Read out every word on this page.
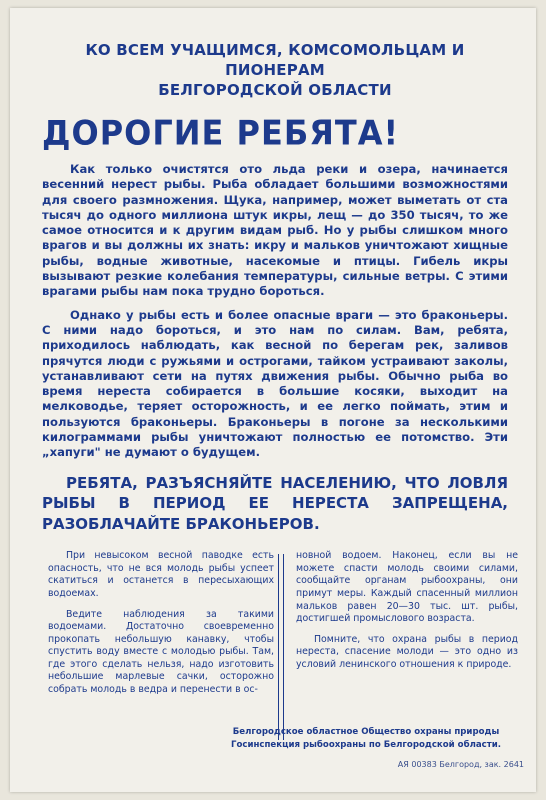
КО ВСЕМ УЧАЩИМСЯ, КОМСОМОЛЬЦАМ И ПИОНЕРАМ
БЕЛГОРОДСКОЙ ОБЛАСТИ
ДОРОГИЕ РЕБЯТА!

Как только очистятся ото льда реки и озера, начинается весенний нерест рыбы. Рыба обладает большими возможностями для своего размножения. Щука, например, может выметать от ста тысяч до одного миллиона штук икры, лещ — до 350 тысяч, то же самое относится и к другим видам рыб. Но у рыбы слишком много врагов и вы должны их знать: икру и мальков уничтожают хищные рыбы, водные животные, насекомые и птицы. Гибель икры вызывают резкие колебания температуры, сильные ветры. С этими врагами рыбы нам пока трудно бороться.

Однако у рыбы есть и более опасные враги — это браконьеры. С ними надо бороться, и это нам по силам. Вам, ребята, приходилось наблюдать, как весной по берегам рек, заливов прячутся люди с ружьями и острогами, тайком устраивают заколы, устанавливают сети на путях движения рыбы. Обычно рыба во время нереста собирается в большие косяки, выходит на мелководье, теряет осторожность, и ее легко поймать, этим и пользуются браконьеры. Браконьеры в погоне за несколькими килограммами рыбы уничтожают полностью ее потомство. Эти „хапуги" не думают о будущем.

РЕБЯТА, РАЗЪЯСНЯЙТЕ НАСЕЛЕНИЮ, ЧТО ЛОВЛЯ РЫБЫ В ПЕРИОД ЕЕ НЕРЕСТА ЗАПРЕЩЕНА, РАЗОБЛАЧАЙТЕ БРАКОНЬЕРОВ.

При невысоком весной паводке есть опасность, что не вся молодь рыбы успеет скатиться и останется в пересыхающих водоемах.

Ведите наблюдения за такими водоемами. Достаточно своевременно прокопать небольшую канавку, чтобы спустить воду вместе с молодью рыбы. Там, где этого сделать нельзя, надо изготовить небольшие марлевые сачки, осторожно собрать молодь в ведра и перенести в ос-

новной водоем. Наконец, если вы не можете спасти молодь своими силами, сообщайте органам рыбоохраны, они примут меры. Каждый спасенный миллион мальков равен 20—30 тыс. шт. рыбы, достигшей промыслового возраста.

Помните, что охрана рыбы в период нереста, спасение молоди — это одно из условий ленинского отношения к природе.

Белгородское областное Общество охраны природы
Госинспекция рыбоохраны по Белгородской области.
АЯ 00383 Белгород, зак. 2641
